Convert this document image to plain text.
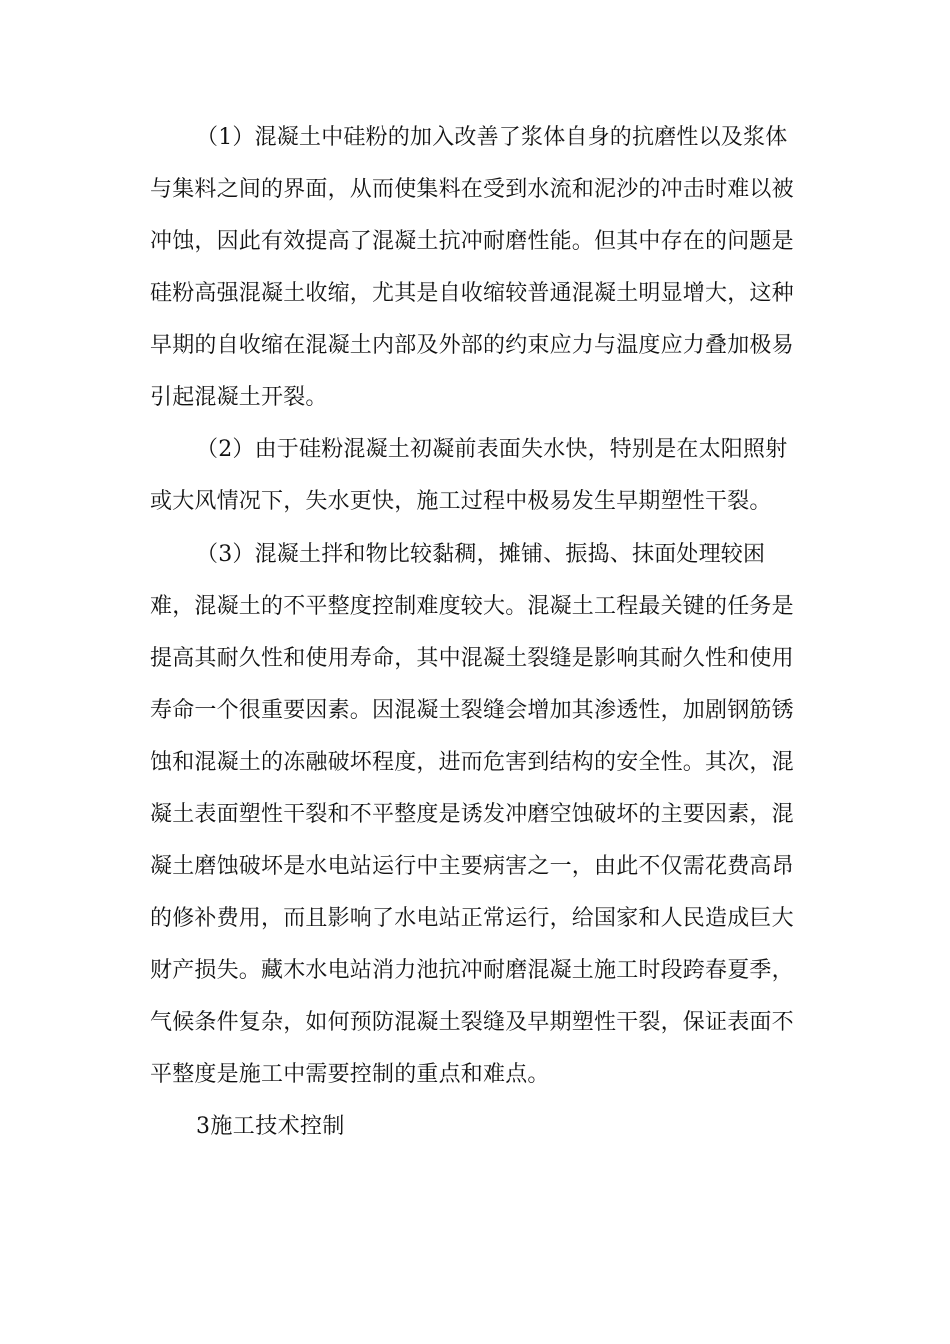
（1）混凝土中硅粉的加入改善了浆体自身的抗磨性以及浆体
与集料之间的界面，从而使集料在受到水流和泥沙的冲击时难以被
冲蚀，因此有效提高了混凝土抗冲耐磨性能。但其中存在的问题是
硅粉高强混凝土收缩，尤其是自收缩较普通混凝土明显增大，这种
早期的自收缩在混凝土内部及外部的约束应力与温度应力叠加极易
引起混凝土开裂。
（2）由于硅粉混凝土初凝前表面失水快，特别是在太阳照射
或大风情况下，失水更快，施工过程中极易发生早期塑性干裂。
（3）混凝土拌和物比较黏稠，摊铺、振捣、抹面处理较困
难，混凝土的不平整度控制难度较大。混凝土工程最关键的任务是
提高其耐久性和使用寿命，其中混凝土裂缝是影响其耐久性和使用
寿命一个很重要因素。因混凝土裂缝会增加其渗透性，加剧钢筋锈
蚀和混凝土的冻融破坏程度，进而危害到结构的安全性。其次，混
凝土表面塑性干裂和不平整度是诱发冲磨空蚀破坏的主要因素，混
凝土磨蚀破坏是水电站运行中主要病害之一，由此不仅需花费高昂
的修补费用，而且影响了水电站正常运行，给国家和人民造成巨大
财产损失。藏木水电站消力池抗冲耐磨混凝土施工时段跨春夏季，
气候条件复杂，如何预防混凝土裂缝及早期塑性干裂，保证表面不
平整度是施工中需要控制的重点和难点。
3施工技术控制
